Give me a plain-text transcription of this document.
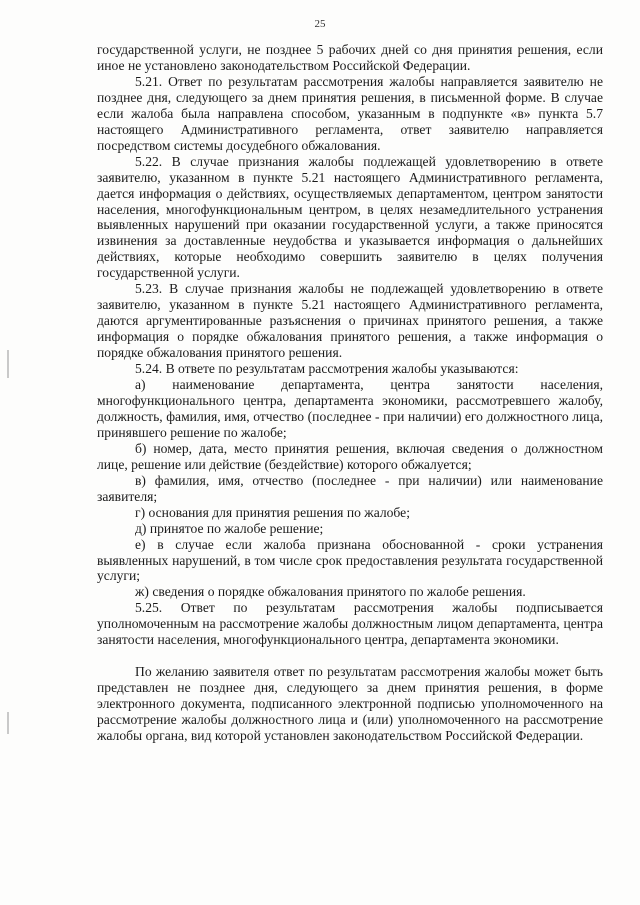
25

государственной услуги, не позднее 5 рабочих дней со дня принятия решения, если иное не установлено законодательством Российской Федерации.

5.21. Ответ по результатам рассмотрения жалобы направляется заявителю не позднее дня, следующего за днем принятия решения, в письменной форме. В случае если жалоба была направлена способом, указанным в подпункте «в» пункта 5.7 настоящего Административного регламента, ответ заявителю направляется посредством системы досудебного обжалования.

5.22. В случае признания жалобы подлежащей удовлетворению в ответе заявителю, указанном в пункте 5.21 настоящего Административного регламента, дается информация о действиях, осуществляемых департаментом, центром занятости населения, многофункциональным центром, в целях незамедлительного устранения выявленных нарушений при оказании государственной услуги, а также приносятся извинения за доставленные неудобства и указывается информация о дальнейших действиях, которые необходимо совершить заявителю в целях получения государственной услуги.

5.23. В случае признания жалобы не подлежащей удовлетворению в ответе заявителю, указанном в пункте 5.21 настоящего Административного регламента, даются аргументированные разъяснения о причинах принятого решения, а также информация о порядке обжалования принятого решения, а также информация о порядке обжалования принятого решения.

5.24. В ответе по результатам рассмотрения жалобы указываются:

а) наименование департамента, центра занятости населения, многофункционального центра, департамента экономики, рассмотревшего жалобу, должность, фамилия, имя, отчество (последнее - при наличии) его должностного лица, принявшего решение по жалобе;

б) номер, дата, место принятия решения, включая сведения о должностном лице, решение или действие (бездействие) которого обжалуется;

в) фамилия, имя, отчество (последнее - при наличии) или наименование заявителя;

г) основания для принятия решения по жалобе;

д) принятое по жалобе решение;

е) в случае если жалоба признана обоснованной - сроки устранения выявленных нарушений, в том числе срок предоставления результата государственной услуги;

ж) сведения о порядке обжалования принятого по жалобе решения.

5.25. Ответ по результатам рассмотрения жалобы подписывается уполномоченным на рассмотрение жалобы должностным лицом департамента, центра занятости населения, многофункционального центра, департамента экономики.

По желанию заявителя ответ по результатам рассмотрения жалобы может быть представлен не позднее дня, следующего за днем принятия решения, в форме электронного документа, подписанного электронной подписью уполномоченного на рассмотрение жалобы должностного лица и (или) уполномоченного на рассмотрение жалобы органа, вид которой установлен законодательством Российской Федерации.
